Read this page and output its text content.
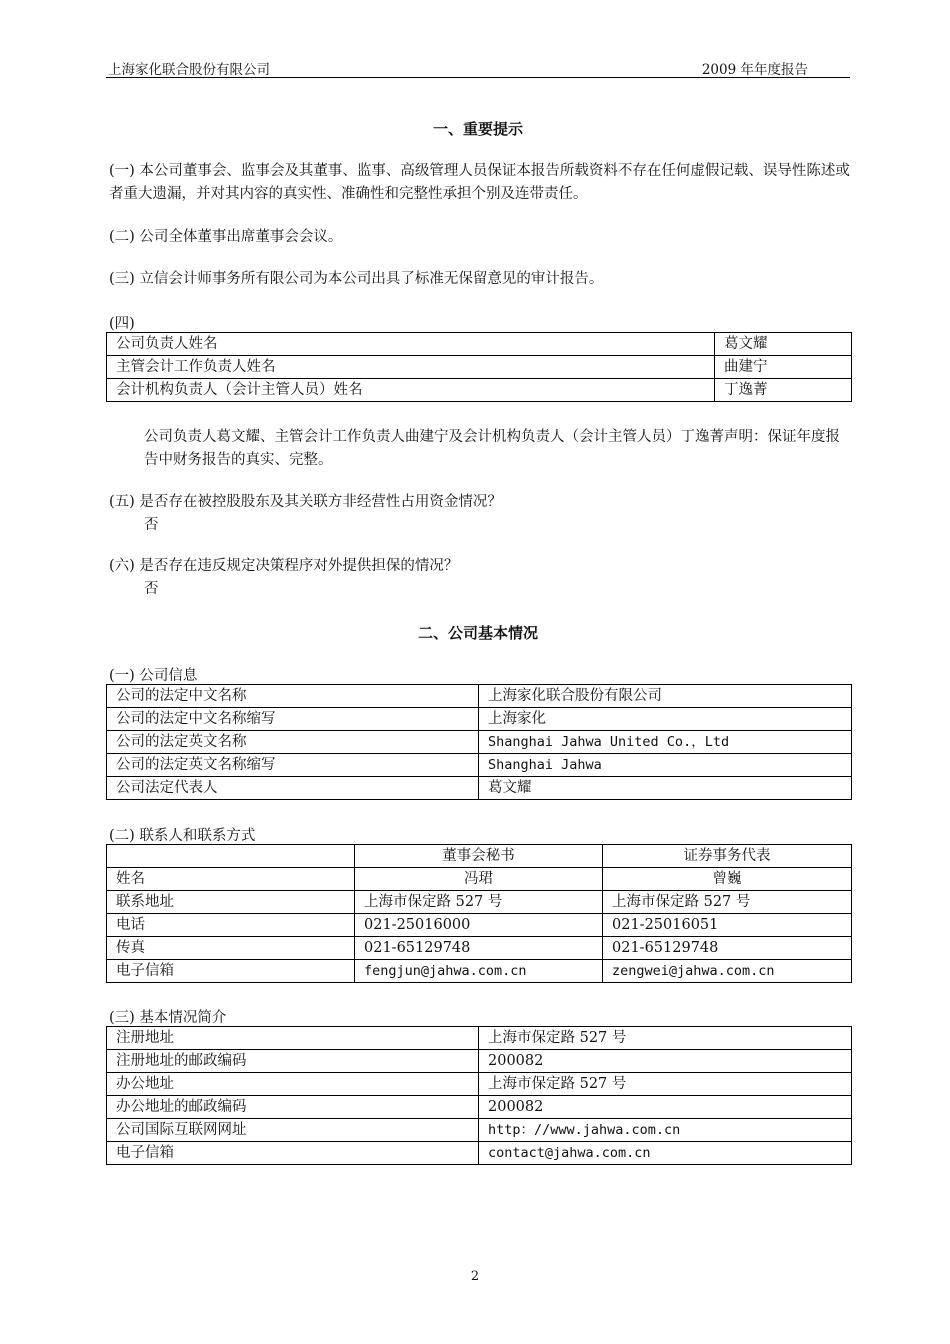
上海家化联合股份有限公司	2009 年年度报告
一、重要提示
(一) 本公司董事会、监事会及其董事、监事、高级管理人员保证本报告所载资料不存在任何虚假记载、误导性陈述或者重大遗漏，并对其内容的真实性、准确性和完整性承担个别及连带责任。
(二) 公司全体董事出席董事会会议。
(三) 立信会计师事务所有限公司为本公司出具了标准无保留意见的审计报告。
(四)
公司负责人姓名	葛文耀
主管会计工作负责人姓名	曲建宁
会计机构负责人（会计主管人员）姓名	丁逸菁
公司负责人葛文耀、主管会计工作负责人曲建宁及会计机构负责人（会计主管人员）丁逸菁声明：保证年度报告中财务报告的真实、完整。
(五) 是否存在被控股股东及其关联方非经营性占用资金情况？
否
(六) 是否存在违反规定决策程序对外提供担保的情况？
否
二、公司基本情况
(一) 公司信息
公司的法定中文名称	上海家化联合股份有限公司
公司的法定中文名称缩写	上海家化
公司的法定英文名称	Shanghai Jahwa United Co.，Ltd
公司的法定英文名称缩写	Shanghai Jahwa
公司法定代表人	葛文耀
(二) 联系人和联系方式
	董事会秘书	证券事务代表
姓名	冯珺	曾巍
联系地址	上海市保定路 527 号	上海市保定路 527 号
电话	021-25016000	021-25016051
传真	021-65129748	021-65129748
电子信箱	fengjun@jahwa.com.cn	zengwei@jahwa.com.cn
(三) 基本情况简介
注册地址	上海市保定路 527 号
注册地址的邮政编码	200082
办公地址	上海市保定路 527 号
办公地址的邮政编码	200082
公司国际互联网网址	http：//www.jahwa.com.cn
电子信箱	contact@jahwa.com.cn
2
